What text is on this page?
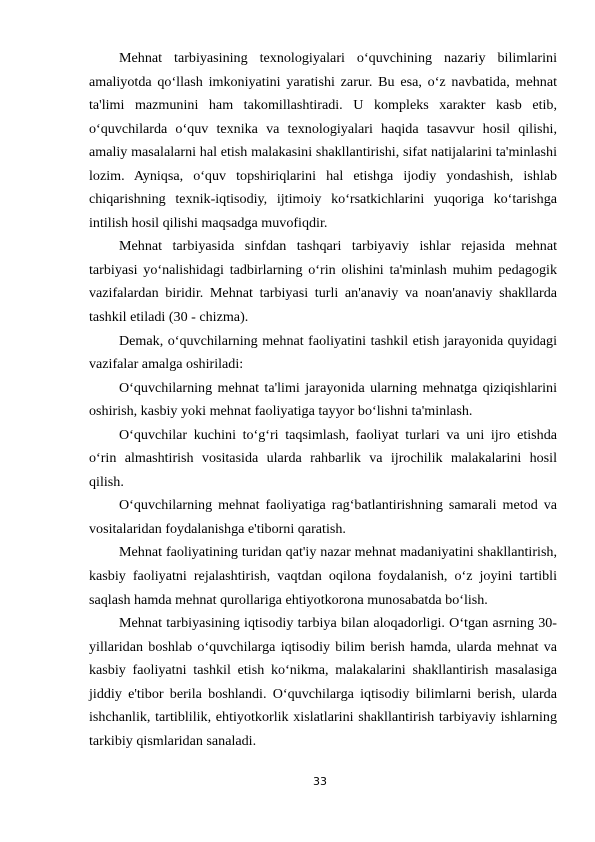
Mehnat tarbiyasining texnologiyalari o‘quvchining nazariy bilimlarini amaliyotda qo‘llash imkoniyatini yaratishi zarur. Bu esa, o‘z navbatida, mehnat ta'limi mazmunini ham takomillashtiradi. U kompleks xarakter kasb etib, o‘quvchilarda o‘quv texnika va texnologiyalari haqida tasavvur hosil qilishi, amaliy masalalarni hal etish malakasini shakllantirishi, sifat natijalarini ta'minlashi lozim. Ayniqsa, o‘quv topshiriqlarini hal etishga ijodiy yondashish, ishlab chiqarishning texnik-iqtisodiy, ijtimoiy ko‘rsatkichlarini yuqoriga ko‘tarishga intilish hosil qilishi maqsadga muvofiqdir.

Mehnat tarbiyasida sinfdan tashqari tarbiyaviy ishlar rejasida mehnat tarbiyasi yo‘nalishidagi tadbirlarning o‘rin olishini ta'minlash muhim pedagogik vazifalardan biridir. Mehnat tarbiyasi turli an'anaviy va noan'anaviy shakllarda tashkil etiladi (30 - chizma).

Demak, o‘quvchilarning mehnat faoliyatini tashkil etish jarayonida quyidagi vazifalar amalga oshiriladi:

O‘quvchilarning mehnat ta'limi jarayonida ularning mehnatga qiziqishlarini oshirish, kasbiy yoki mehnat faoliyatiga tayyor bo‘lishni ta'minlash.

O‘quvchilar kuchini to‘g‘ri taqsimlash, faoliyat turlari va uni ijro etishda o‘rin almashtirish vositasida ularda rahbarlik va ijrochilik malakalarini hosil qilish.

O‘quvchilarning mehnat faoliyatiga rag‘batlantirishning samarali metod va vositalaridan foydalanishga e'tiborni qaratish.

Mehnat faoliyatining turidan qat'iy nazar mehnat madaniyatini shakllantirish, kasbiy faoliyatni rejalashtirish, vaqtdan oqilona foydalanish, o‘z joyini tartibli saqlash hamda mehnat qurollariga ehtiyotkorona munosabatda bo‘lish.

Mehnat tarbiyasining iqtisodiy tarbiya bilan aloqadorligi. O‘tgan asrning 30-yillaridan boshlab o‘quvchilarga iqtisodiy bilim berish hamda, ularda mehnat va kasbiy faoliyatni tashkil etish ko‘nikma, malakalarini shakllantirish masalasiga jiddiy e'tibor berila boshlandi. O‘quvchilarga iqtisodiy bilimlarni berish, ularda ishchanlik, tartiblilik, ehtiyotkorlik xislatlarini shakllantirish tarbiyaviy ishlarning tarkibiy qismlaridan sanaladi.

33
